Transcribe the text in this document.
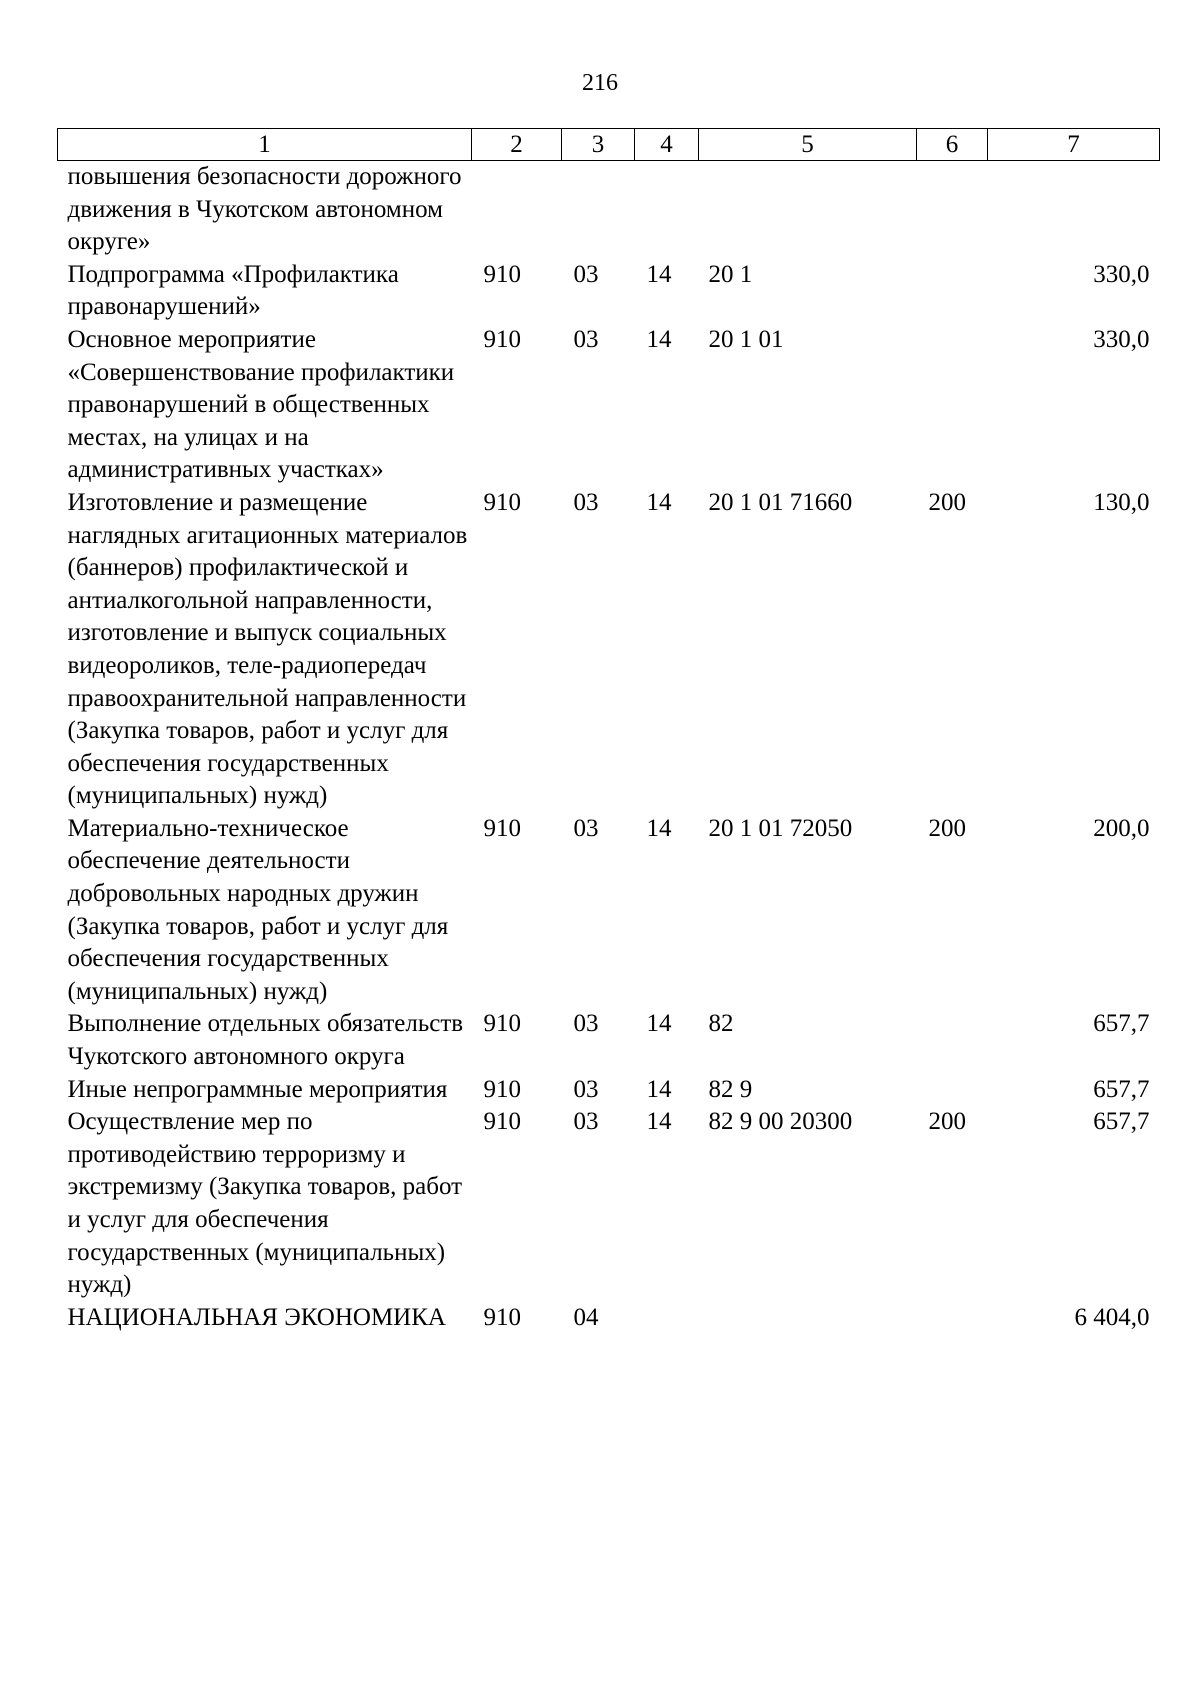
216
1	2	3	4	5	6	7
повышения безопасности дорожного движения в Чукотском автономном округе»						
Подпрограмма «Профилактика правонарушений»	910	03	14	20 1		330,0
Основное мероприятие «Совершенствование профилактики правонарушений в общественных местах, на улицах и на административных участках»	910	03	14	20 1 01		330,0
Изготовление и размещение наглядных агитационных материалов (баннеров) профилактической и антиалкогольной направленности, изготовление и выпуск социальных видеороликов, теле-радиопередач правоохранительной направленности (Закупка товаров, работ и услуг для обеспечения государственных (муниципальных) нужд)	910	03	14	20 1 01 71660	200	130,0
Материально-техническое обеспечение деятельности добровольных народных дружин (Закупка товаров, работ и услуг для обеспечения государственных (муниципальных) нужд)	910	03	14	20 1 01 72050	200	200,0
Выполнение отдельных обязательств Чукотского автономного округа	910	03	14	82		657,7
Иные непрограммные мероприятия	910	03	14	82 9		657,7
Осуществление мер по противодействию терроризму и экстремизму (Закупка товаров, работ и услуг для обеспечения государственных (муниципальных) нужд)	910	03	14	82 9 00 20300	200	657,7
НАЦИОНАЛЬНАЯ ЭКОНОМИКА	910	04				6 404,0
